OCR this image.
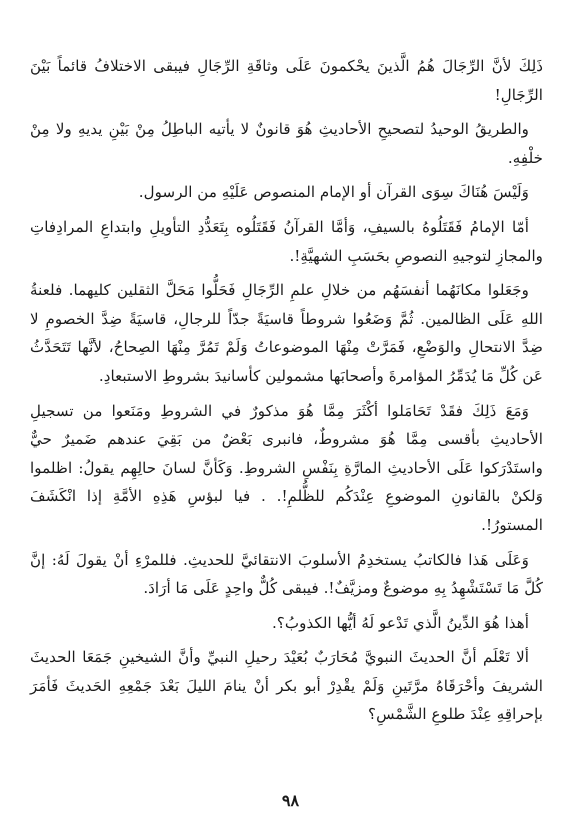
ذَلِكَ لأنَّ الرِّجَالَ هُمُ الَّذينَ يحْكمونَ عَلَى وثاقَةِ الرِّجَالِ فيبقى الاختلافُ قائماً بَيْنَ الرِّجَالِ!

والطريقُ الوحيدُ لتصحيحِ الأحاديثِ هُوَ قانونٌ لا يأتيه الباطِلُ مِنْ بَيْنِ يديهِ ولا مِنْ خلْفِهِ.

وَلَيْسَ هُنَاكَ سِوَى القرآن أو الإمام المنصوص عَلَيْهِ من الرسول.

أمّا الإمامُ فَقَتَلُوهُ بالسيفِ، وَأمَّا القرآنُ فَقَتَلُوه بِتَعَدُّدِ التأويلِ وابتداعِ المرادِفاتِ والمجازِ لتوجيهِ النصوصِ بحَسَبِ الشهيَّةِ!.

وجَعَلوا مكانَهُما أنفسَهُم من خلالِ علمِ الرِّجَالِ فَحَلُّوا مَحَلَّ الثقلين كليهما. فلعنةُ اللهِ عَلَى الظالمين. ثُمَّ وَضَعُوا شروطاً قاسيَةً جدّاً للرجالِ، قاسيَةً ضِدَّ الخصومِ لا ضِدَّ الانتحالِ والوَضْعِ، فَمَرَّتْ مِنْهَا الموضوعاتُ وَلَمْ تَمُرَّ مِنْهَا الصِحاحُ، لأنَّها تَتَحَدَّثُ عَن كُلِّ مَا يُدَمِّرُ المؤامرةَ وأصحابَها مشمولين كأسانيدَ بشروطِ الاستبعادِ.

وَمَعَ ذَلِكَ فقَدْ تَحَامَلوا أكْثَرَ مِمَّا هُوَ مذكورٌ في الشروطِ ومَنَعوا من تسجيلِ الأحاديثِ بأقسى مِمَّا هُوَ مشروطٌ، فانبرى بَعْضٌ من بَقِيَ عندهم ضَميرٌ حيٌّ واستَدْرَكوا عَلَى الأحاديثِ المارَّةِ بِنَفْسِ الشروطِ. وَكَأنَّ لسانَ حالِهِم يقولُ: اظلموا وَلكنْ بالقانونِ الموضوعِ عِنْدَكُم للظُّلمِ!. . فيا لبؤسِ هَذِهِ الأمَّةِ إذا انْكَشَفَ المستورُ!.

وَعَلَى هَذا فالكاتبُ يستخدِمُ الأسلوبَ الانتقائيَّ للحديثِ. فللمرْءِ أنْ يقولَ لَهُ: إنَّ كُلَّ مَا تَسْتَشْهِدُ بِهِ موضوعٌ ومزيَّفٌ!. فيبقى كُلٌّ واحِدٍ عَلَى مَا أرَادَ.

أهذا هُوَ الدِّينُ الَّذي تَدْعو لَهُ أيُّها الكذوبُ؟.

ألا تَعْلَم أنَّ الحديثَ النبويَّ مُحَارَبٌ بُعَيْدَ رحيلِ النبيِّ وأنَّ الشيخينِ جَمَعَا الحديثَ الشريفَ وأحْرَقَاهُ مرَّتَينِ وَلَمْ يقْدِرْ أبو بكر أنْ ينامَ الليلَ بَعْدَ جَمْعِهِ الحَديثَ فَأمَرَ بإحراقِهِ عِنْدَ طلوعِ الشَّمْسِ؟

٩٨
